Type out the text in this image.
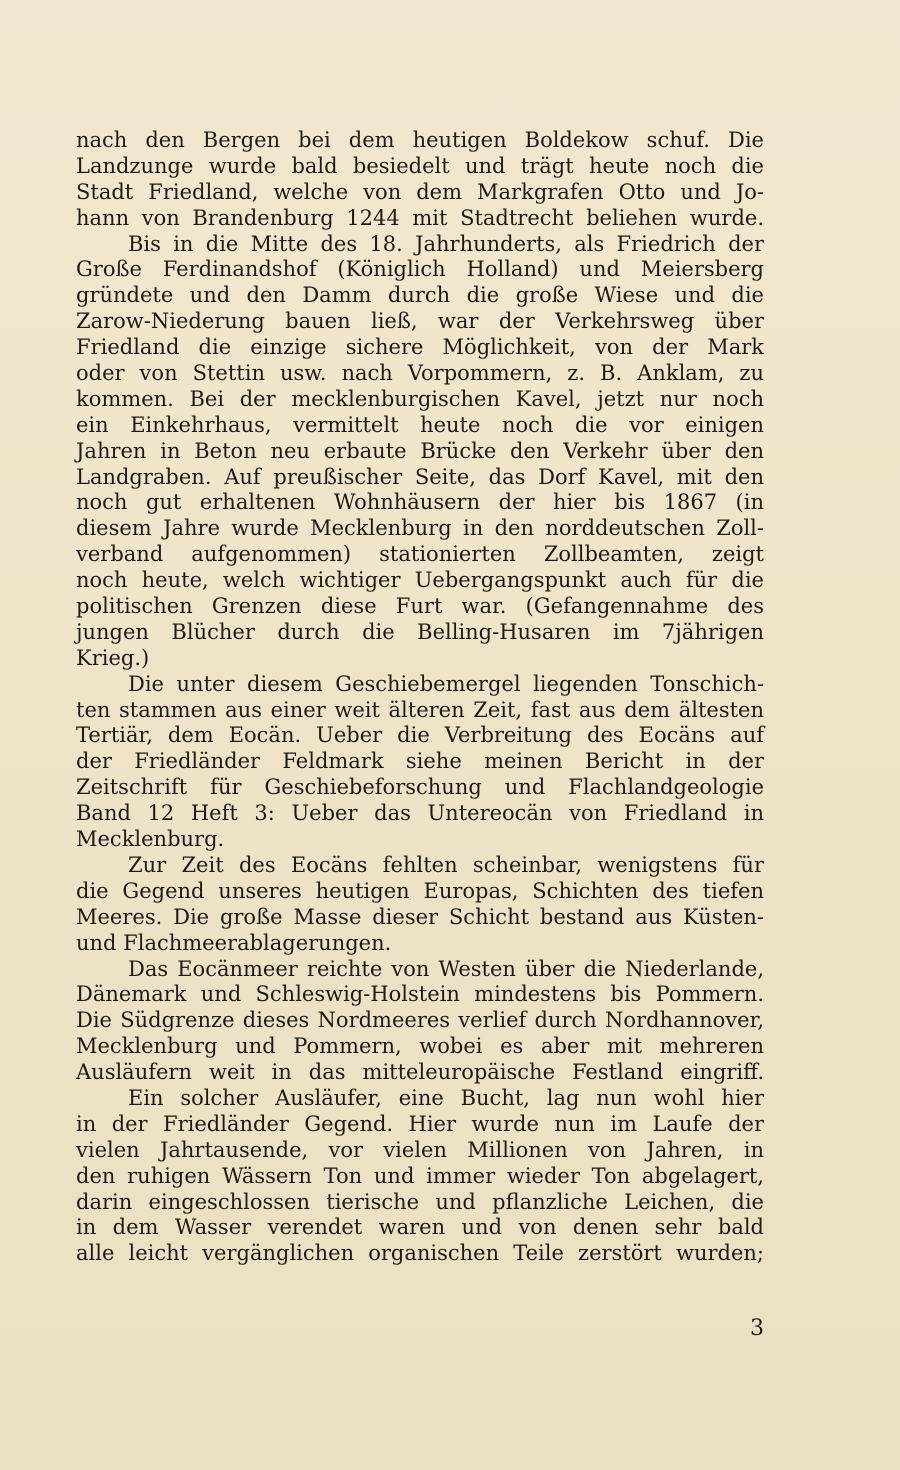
nach den Bergen bei dem heutigen Boldekow schuf. Die
Landzunge wurde bald besiedelt und trägt heute noch die
Stadt Friedland, welche von dem Markgrafen Otto und Jo-
hann von Brandenburg 1244 mit Stadtrecht beliehen wurde.
Bis in die Mitte des 18. Jahrhunderts, als Friedrich der
Große Ferdinandshof (Königlich Holland) und Meiersberg
gründete und den Damm durch die große Wiese und die
Zarow-Niederung bauen ließ, war der Verkehrsweg über
Friedland die einzige sichere Möglichkeit, von der Mark
oder von Stettin usw. nach Vorpommern, z. B. Anklam, zu
kommen. Bei der mecklenburgischen Kavel, jetzt nur noch
ein Einkehrhaus, vermittelt heute noch die vor einigen
Jahren in Beton neu erbaute Brücke den Verkehr über den
Landgraben. Auf preußischer Seite, das Dorf Kavel, mit den
noch gut erhaltenen Wohnhäusern der hier bis 1867 (in
diesem Jahre wurde Mecklenburg in den norddeutschen Zoll-
verband aufgenommen) stationierten Zollbeamten, zeigt
noch heute, welch wichtiger Uebergangspunkt auch für die
politischen Grenzen diese Furt war. (Gefangennahme des
jungen Blücher durch die Belling-Husaren im 7jährigen
Krieg.)
Die unter diesem Geschiebemergel liegenden Tonschich-
ten stammen aus einer weit älteren Zeit, fast aus dem ältesten
Tertiär, dem Eocän. Ueber die Verbreitung des Eocäns auf
der Friedländer Feldmark siehe meinen Bericht in der
Zeitschrift für Geschiebeforschung und Flachlandgeologie
Band 12 Heft 3: Ueber das Untereocän von Friedland in
Mecklenburg.
Zur Zeit des Eocäns fehlten scheinbar, wenigstens für
die Gegend unseres heutigen Europas, Schichten des tiefen
Meeres. Die große Masse dieser Schicht bestand aus Küsten-
und Flachmeerablagerungen.
Das Eocänmeer reichte von Westen über die Niederlande,
Dänemark und Schleswig-Holstein mindestens bis Pommern.
Die Südgrenze dieses Nordmeeres verlief durch Nordhannover,
Mecklenburg und Pommern, wobei es aber mit mehreren
Ausläufern weit in das mitteleuropäische Festland eingriff.
Ein solcher Ausläufer, eine Bucht, lag nun wohl hier
in der Friedländer Gegend. Hier wurde nun im Laufe der
vielen Jahrtausende, vor vielen Millionen von Jahren, in
den ruhigen Wässern Ton und immer wieder Ton abgelagert,
darin eingeschlossen tierische und pflanzliche Leichen, die
in dem Wasser verendet waren und von denen sehr bald
alle leicht vergänglichen organischen Teile zerstört wurden;
3
